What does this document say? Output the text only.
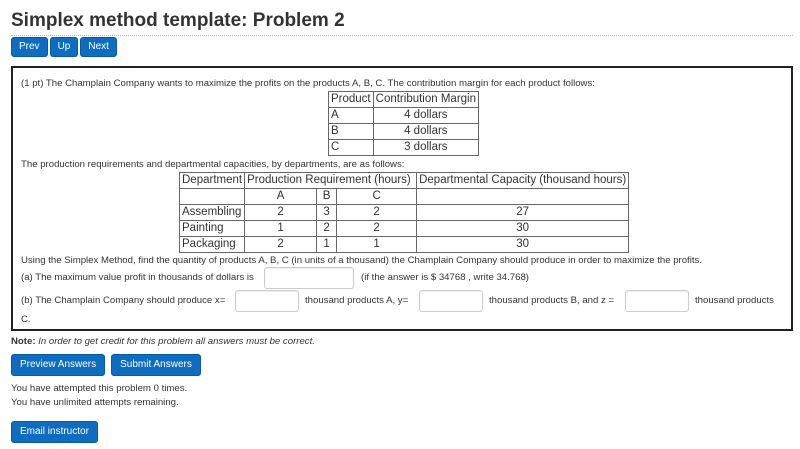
Simplex method template: Problem 2
Prev Up Next
(1 pt) The Champlain Company wants to maximize the profits on the products A, B, C. The contribution margin for each product follows:
Product	Contribution Margin
A	4 dollars
B	4 dollars
C	3 dollars
The production requirements and departmental capacities, by departments, are as follows:
Department	Production Requirement (hours)			Departmental Capacity (thousand hours)
	A	B	C	
Assembling	2	3	2	27
Painting	1	2	2	30
Packaging	2	1	1	30
Using the Simplex Method, find the quantity of products A, B, C (in units of a thousand) the Champlain Company should produce in order to maximize the profits.
(a) The maximum value profit in thousands of dollars is	(if the answer is $ 34768 , write 34.768)
(b) The Champlain Company should produce x=	thousand products A, y=	thousand products B, and z =	thousand products
C.
Note: In order to get credit for this problem all answers must be correct.
Preview Answers Submit Answers
You have attempted this problem 0 times.
You have unlimited attempts remaining.
Email instructor
